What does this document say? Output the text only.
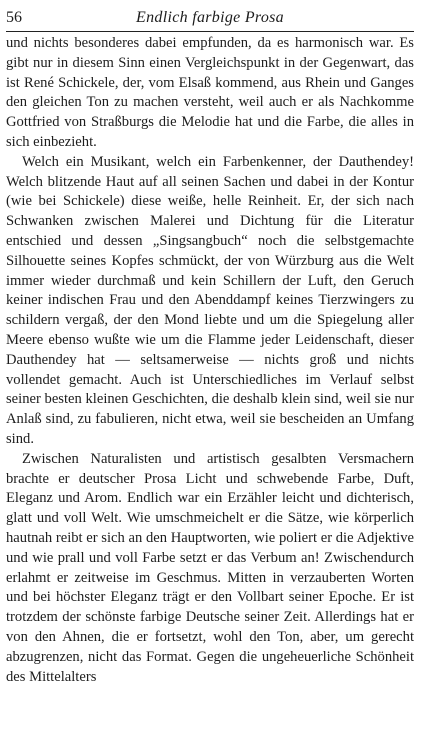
56	Endlich farbige Prosa

und nichts besonderes dabei empfunden, da es harmonisch war. Es gibt nur in diesem Sinn einen Vergleichspunkt in der Gegenwart, das ist René Schickele, der, vom Elsaß kommend, aus Rhein und Ganges den gleichen Ton zu machen versteht, weil auch er als Nachkomme Gottfried von Straßburgs die Melodie hat und die Farbe, die alles in sich einbezieht.

Welch ein Musikant, welch ein Farbenkenner, der Dauthendey! Welch blitzende Haut auf all seinen Sachen und dabei in der Kontur (wie bei Schickele) diese weiße, helle Reinheit. Er, der sich nach Schwanken zwischen Malerei und Dichtung für die Literatur entschied und dessen „Singsangbuch“ noch die selbstgemachte Silhouette seines Kopfes schmückt, der von Würzburg aus die Welt immer wieder durchmaß und kein Schillern der Luft, den Geruch keiner indischen Frau und den Abenddampf keines Tierzwingers zu schildern vergaß, der den Mond liebte und um die Spiegelung aller Meere ebenso wußte wie um die Flamme jeder Leidenschaft, dieser Dauthendey hat — seltsamerweise — nichts groß und nichts vollendet gemacht. Auch ist Unterschiedliches im Verlauf selbst seiner besten kleinen Geschichten, die deshalb klein sind, weil sie nur Anlaß sind, zu fabulieren, nicht etwa, weil sie bescheiden an Umfang sind.

Zwischen Naturalisten und artistisch gesalbten Versmachern brachte er deutscher Prosa Licht und schwebende Farbe, Duft, Eleganz und Arom. Endlich war ein Erzähler leicht und dichterisch, glatt und voll Welt. Wie umschmeichelt er die Sätze, wie körperlich hautnah reibt er sich an den Hauptworten, wie poliert er die Adjektive und wie prall und voll Farbe setzt er das Verbum an! Zwischendurch erlahmt er zeitweise im Geschmus. Mitten in verzauberten Worten und bei höchster Eleganz trägt er den Vollbart seiner Epoche. Er ist trotzdem der schönste farbige Deutsche seiner Zeit. Allerdings hat er von den Ahnen, die er fortsetzt, wohl den Ton, aber, um gerecht abzugrenzen, nicht das Format. Gegen die ungeheuerliche Schönheit des Mittelalters
